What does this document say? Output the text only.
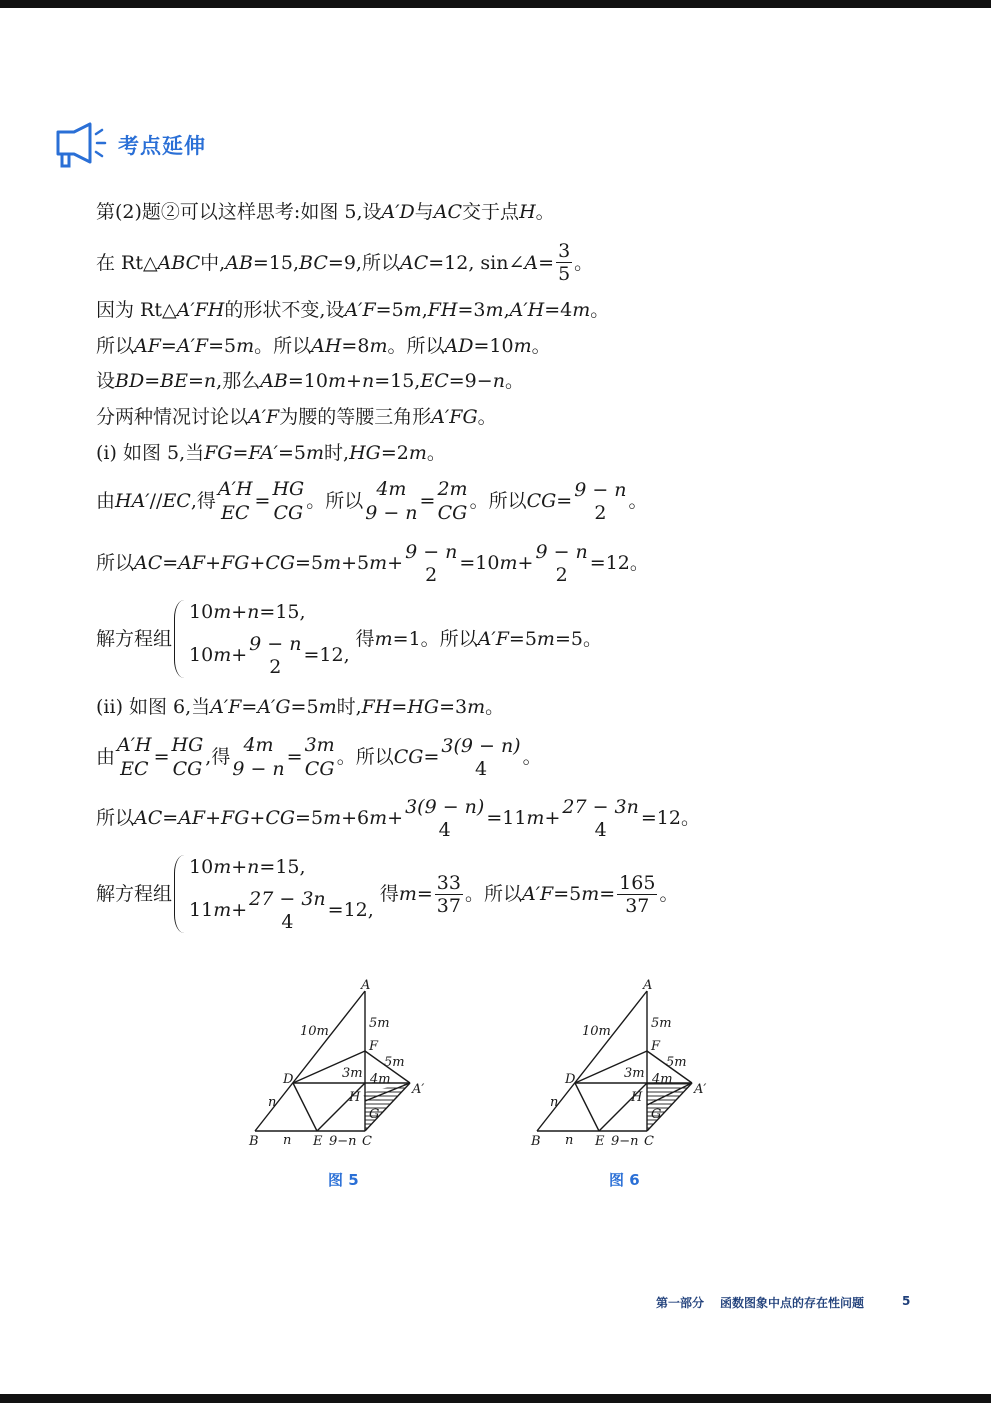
考点延伸
第(2)题②可以这样思考:如图 5,设 A′D 与 AC 交于点 H 。
在 Rt△ ABC 中, AB =15, BC =9,所以 AC =12, sin∠ $A = \frac{3}{5}$ 。
因为 Rt△ A′FH 的形状不变,设 A′F =5 m , FH =3 m , A′H =4 m 。
所以 AF = A′F =5 m 。所以 AH =8 m 。所以 AD =10 m 。
设 BD = BE = n ,那么 AB =10 m + n =15, EC =9− n 。
分两种情况讨论以 A′F 为腰的等腰三角形 A′FG 。
(i) 如图 5,当 FG = FA′ =5 m 时, HG =2 m 。
由 HA′ // EC ,得
A′H
EC
=
HG
CG
。所以
4m
9 − n
=
2m
CG
。所以 CG = 9 − n
2
。
所以 AC = AF + FG + CG =5 m +5 m + 9 − n
2
=10 m + 9 − n
2
=12。
解方程组
10 m + n =15,
10 m + 9 − n
2
=12,
得 m =1。所以 A′F =5 m =5。
(ii) 如图 6,当 A′F = A′G =5 m 时, FH = HG =3 m 。
由
A′H
EC
=
HG
CG
,得
4m
9 − n
=
3m
CG
。所以 CG = 3(9 − n)
4
。
所以 AC = AF + FG + CG =5 m +6 m + 3(9 − n)
4
=11 m + 27 − 3n
4
=12。
解方程组
10 m + n =15,
11 m + 27 − 3n
4
=12,
得 $m = \frac{33}{37}$ 。所以 A′F =5 $m = \frac{165}{37}$ 。
A
B	C
D
E
F
G
H
A′
10m
5m
5m
3m 4m
n
n	9−n
图 5
A
B	C
D
E
F
G
H
A′
10m
5m
5m
3m 4m
n
n	9−n
图 6
第一部分 函数图象中点的存在性问题	5
